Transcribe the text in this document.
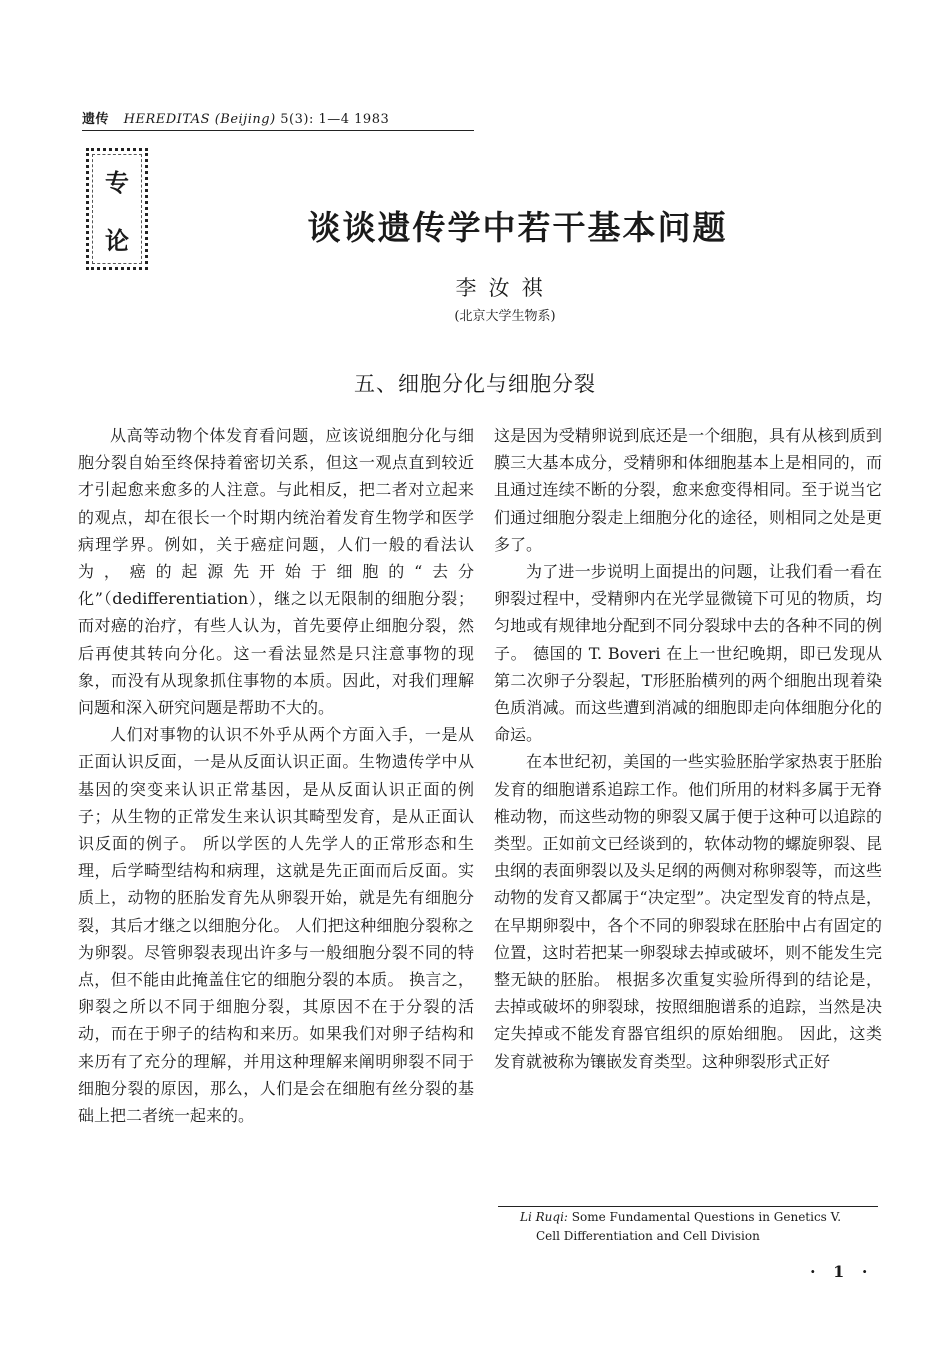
遗传 HEREDITAS (Beijing) 5(3): 1—4 1983
专
论	谈谈遗传学中若干基本问题
李汝祺
(北京大学生物系)
五、细胞分化与细胞分裂

从高等动物个体发育看问题，应该说细胞分化与细胞分裂自始至终保持着密切关系，但这一观点直到较近才引起愈来愈多的人注意。与此相反，把二者对立起来的观点，却在很长一个时期内统治着发育生物学和医学病理学界。例如，关于癌症问题，人们一般的看法认为，癌的起源先开始于细胞的“去分化”（dedifferentiation），继之以无限制的细胞分裂；而对癌的治疗，有些人认为，首先要停止细胞分裂，然后再使其转向分化。这一看法显然是只注意事物的现象，而没有从现象抓住事物的本质。因此，对我们理解问题和深入研究问题是帮助不大的。

人们对事物的认识不外乎从两个方面入手，一是从正面认识反面，一是从反面认识正面。生物遗传学中从基因的突变来认识正常基因，是从反面认识正面的例子；从生物的正常发生来认识其畸型发育，是从正面认识反面的例子。 所以学医的人先学人的正常形态和生理，后学畸型结构和病理，这就是先正面而后反面。实质上，动物的胚胎发育先从卵裂开始，就是先有细胞分裂，其后才继之以细胞分化。 人们把这种细胞分裂称之为卵裂。尽管卵裂表现出许多与一般细胞分裂不同的特点，但不能由此掩盖住它的细胞分裂的本质。 换言之，卵裂之所以不同于细胞分裂，其原因不在于分裂的活动，而在于卵子的结构和来历。如果我们对卵子结构和来历有了充分的理解，并用这种理解来阐明卵裂不同于细胞分裂的原因，那么，人们是会在细胞有丝分裂的基础上把二者统一起来的。

这是因为受精卵说到底还是一个细胞，具有从核到质到膜三大基本成分，受精卵和体细胞基本上是相同的，而且通过连续不断的分裂，愈来愈变得相同。至于说当它们通过细胞分裂走上细胞分化的途径，则相同之处是更多了。

为了进一步说明上面提出的问题，让我们看一看在卵裂过程中，受精卵内在光学显微镜下可见的物质，均匀地或有规律地分配到不同分裂球中去的各种不同的例子。 德国的 T. Boveri 在上一世纪晚期，即已发现从第二次卵子分裂起，T形胚胎横列的两个细胞出现着染色质消减。而这些遭到消减的细胞即走向体细胞分化的命运。

在本世纪初，美国的一些实验胚胎学家热衷于胚胎发育的细胞谱系追踪工作。他们所用的材料多属于无脊椎动物，而这些动物的卵裂又属于便于这种可以追踪的类型。正如前文已经谈到的，软体动物的螺旋卵裂、昆虫纲的表面卵裂以及头足纲的两侧对称卵裂等，而这些动物的发育又都属于“决定型”。决定型发育的特点是，在早期卵裂中，各个不同的卵裂球在胚胎中占有固定的位置，这时若把某一卵裂球去掉或破坏，则不能发生完整无缺的胚胎。 根据多次重复实验所得到的结论是，去掉或破坏的卵裂球，按照细胞谱系的追踪，当然是决定失掉或不能发育器官组织的原始细胞。 因此，这类发育就被称为镶嵌发育类型。这种卵裂形式正好

Li Ruqi: Some Fundamental Questions in Genetics V.
Cell Differentiation and Cell Division
· 1 ·
